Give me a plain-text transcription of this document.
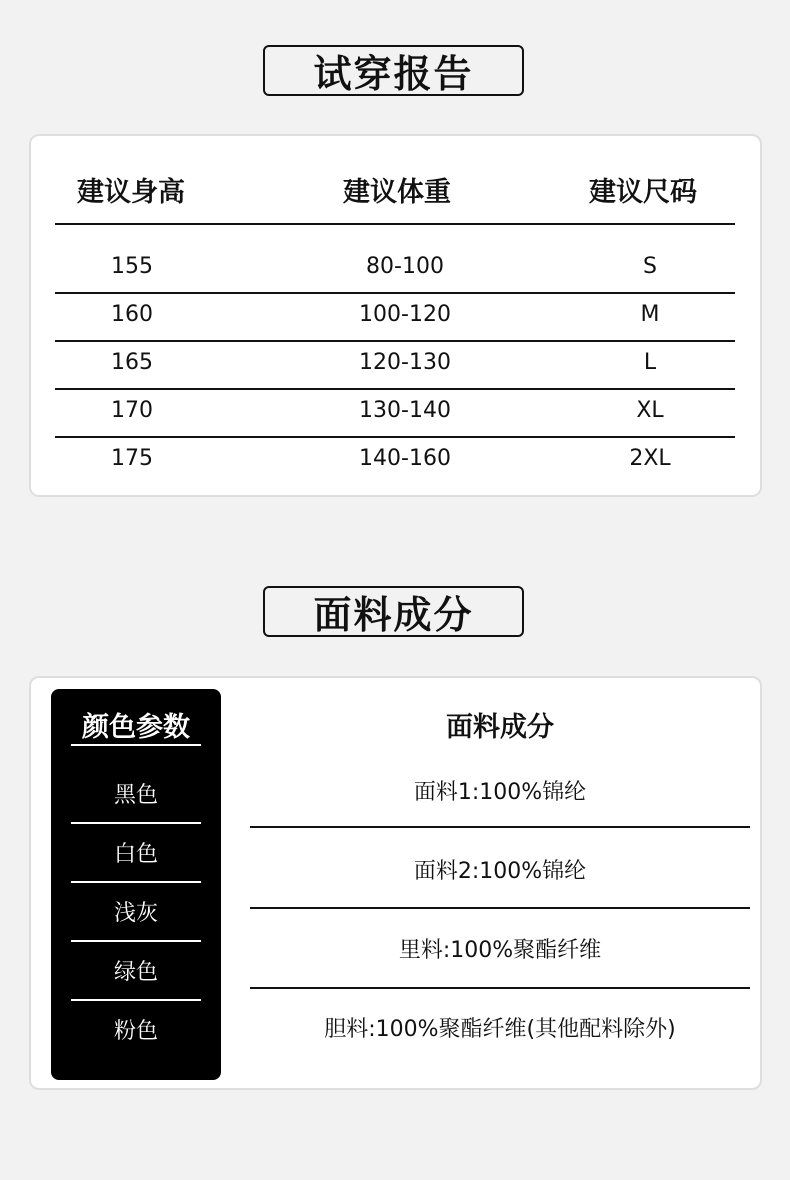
试穿报告
建议身高	建议体重	建议尺码
155	80-100	S
160	100-120	M
165	120-130	L
170	130-140	XL
175	140-160	2XL
面料成分
颜色参数
黑色
白色
浅灰
绿色
粉色
面料成分
面料1:100%锦纶
面料2:100%锦纶
里料:100%聚酯纤维
胆料:100%聚酯纤维(其他配料除外)
